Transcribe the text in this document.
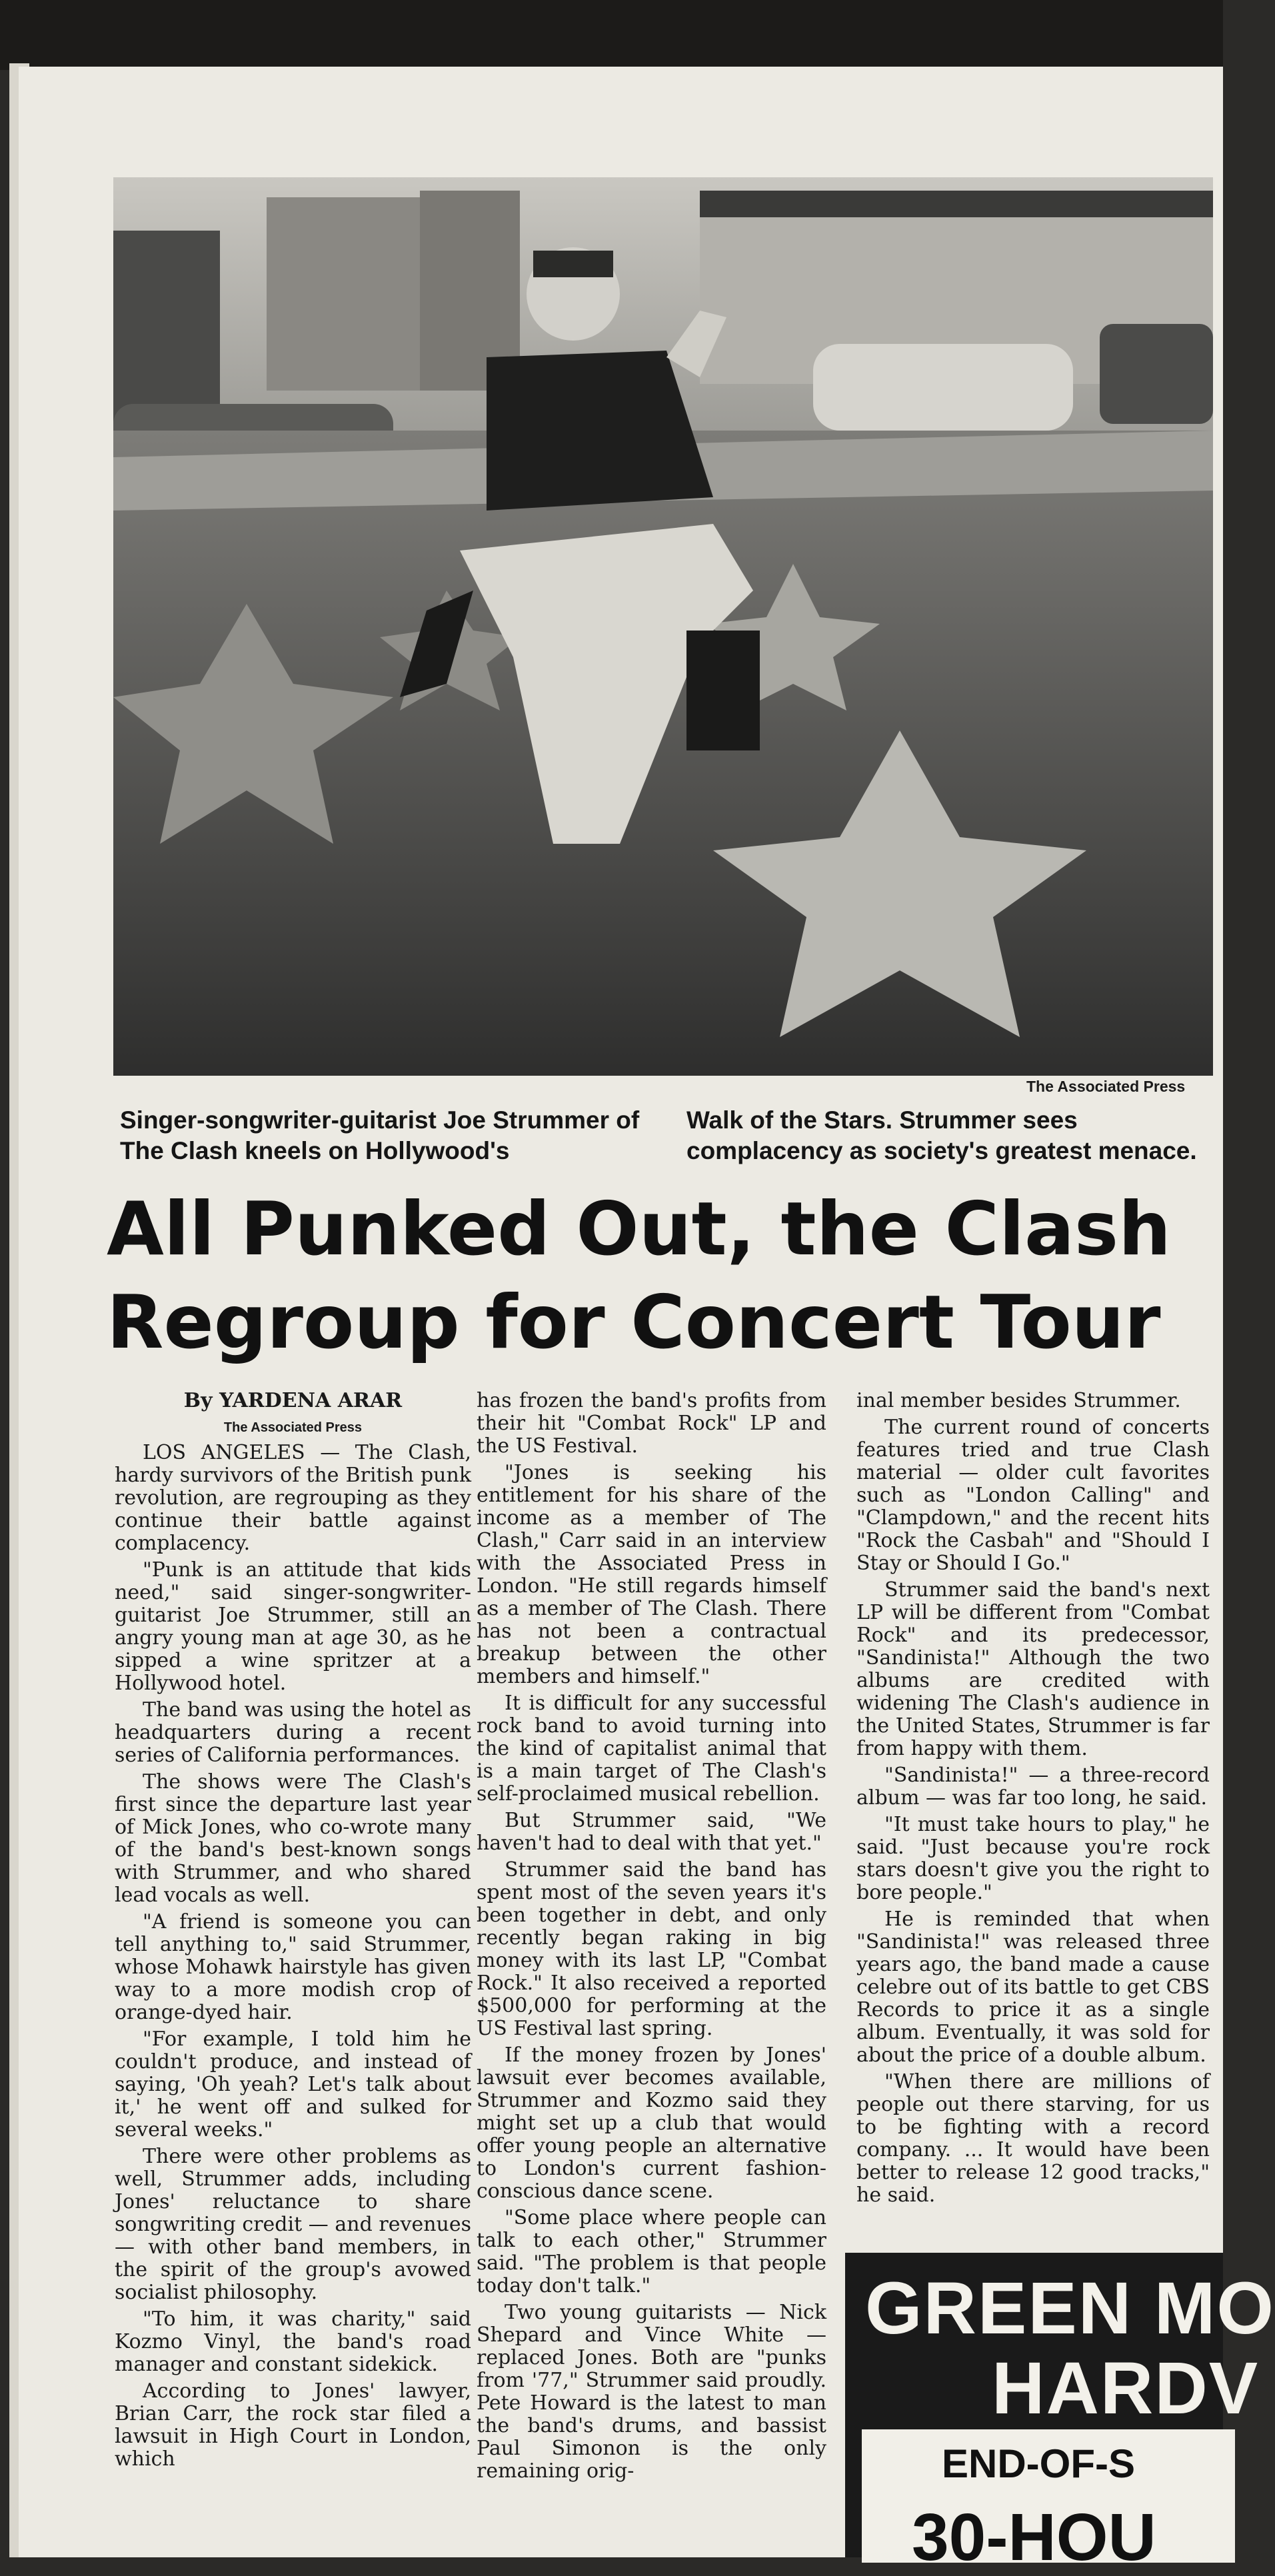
The Associated Press
Singer-songwriter-guitarist Joe Strummer of The Clash kneels on Hollywood's
Walk of the Stars. Strummer sees complacency as society's greatest menace.
All Punked Out, the Clash
Regroup for Concert Tour

By YARDENA ARAR

The Associated Press

LOS ANGELES — The Clash, hardy survivors of the British punk revolution, are regrouping as they continue their battle against complacency.

"Punk is an attitude that kids need," said singer-songwriter-guitarist Joe Strummer, still an angry young man at age 30, as he sipped a wine spritzer at a Hollywood hotel.

The band was using the hotel as headquarters during a recent series of California performances.

The shows were The Clash's first since the departure last year of Mick Jones, who co-wrote many of the band's best-known songs with Strummer, and who shared lead vocals as well.

"A friend is someone you can tell anything to," said Strummer, whose Mohawk hairstyle has given way to a more modish crop of orange-dyed hair.

"For example, I told him he couldn't produce, and instead of saying, 'Oh yeah? Let's talk about it,' he went off and sulked for several weeks."

There were other problems as well, Strummer adds, including Jones' reluctance to share songwriting credit — and revenues — with other band members, in the spirit of the group's avowed socialist philosophy.

"To him, it was charity," said Kozmo Vinyl, the band's road manager and constant sidekick.

According to Jones' lawyer, Brian Carr, the rock star filed a lawsuit in High Court in London, which

has frozen the band's profits from their hit "Combat Rock" LP and the US Festival.

"Jones is seeking his entitlement for his share of the income as a member of The Clash," Carr said in an interview with the Associated Press in London. "He still regards himself as a member of The Clash. There has not been a contractual breakup between the other members and himself."

It is difficult for any successful rock band to avoid turning into the kind of capitalist animal that is a main target of The Clash's self-proclaimed musical rebellion.

But Strummer said, "We haven't had to deal with that yet."

Strummer said the band has spent most of the seven years it's been together in debt, and only recently began raking in big money with its last LP, "Combat Rock." It also received a reported $500,000 for performing at the US Festival last spring.

If the money frozen by Jones' lawsuit ever becomes available, Strummer and Kozmo said they might set up a club that would offer young people an alternative to London's current fashion-conscious dance scene.

"Some place where people can talk to each other," Strummer said. "The problem is that people today don't talk."

Two young guitarists — Nick Shepard and Vince White — replaced Jones. Both are "punks from '77," Strummer said proudly. Pete Howard is the latest to man the band's drums, and bassist Paul Simonon is the only remaining orig-

inal member besides Strummer.

The current round of concerts features tried and true Clash material — older cult favorites such as "London Calling" and "Clampdown," and the recent hits "Rock the Casbah" and "Should I Stay or Should I Go."

Strummer said the band's next LP will be different from "Combat Rock" and its predecessor, "Sandinista!" Although the two albums are credited with widening The Clash's audience in the United States, Strummer is far from happy with them.

"Sandinista!" — a three-record album — was far too long, he said.

"It must take hours to play," he said. "Just because you're rock stars doesn't give you the right to bore people."

He is reminded that when "Sandinista!" was released three years ago, the band made a cause celebre out of its battle to get CBS Records to price it as a single album. Eventually, it was sold for about the price of a double album.

"When there are millions of people out there starving, for us to be fighting with a record company. ... It would have been better to release 12 good tracks," he said.

GREEN MO
HARDV
END-OF-S
30-HOU
